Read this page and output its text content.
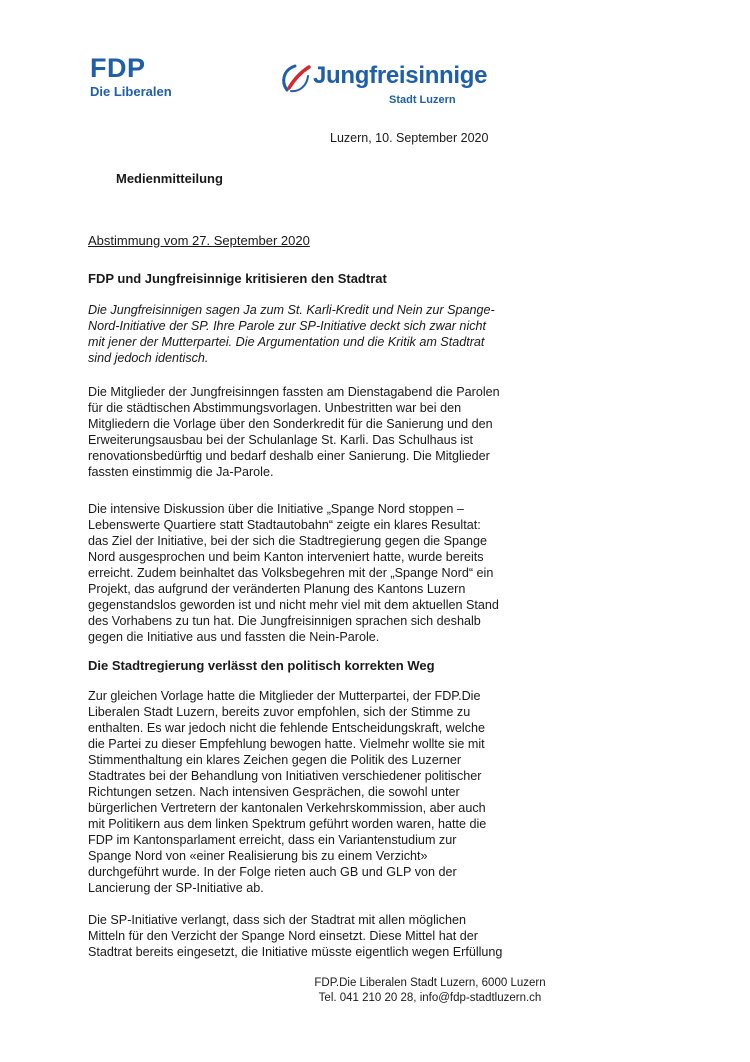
FDP
Die Liberalen
Jungfreisinnige
Stadt Luzern
Luzern, 10. September 2020
Medienmitteilung
Abstimmung vom 27. September 2020
FDP und Jungfreisinnige kritisieren den Stadtrat

Die Jungfreisinnigen sagen Ja zum St. Karli-Kredit und Nein zur Spange-

Nord-Initiative der SP. Ihre Parole zur SP-Initiative deckt sich zwar nicht

mit jener der Mutterpartei. Die Argumentation und die Kritik am Stadtrat

sind jedoch identisch.

Die Mitglieder der Jungfreisinngen fassten am Dienstagabend die Parolen

für die städtischen Abstimmungsvorlagen. Unbestritten war bei den

Mitgliedern die Vorlage über den Sonderkredit für die Sanierung und den

Erweiterungsausbau bei der Schulanlage St. Karli. Das Schulhaus ist

renovationsbedürftig und bedarf deshalb einer Sanierung. Die Mitglieder

fassten einstimmig die Ja-Parole.

Die intensive Diskussion über die Initiative „Spange Nord stoppen –

Lebenswerte Quartiere statt Stadtautobahn“ zeigte ein klares Resultat:

das Ziel der Initiative, bei der sich die Stadtregierung gegen die Spange

Nord ausgesprochen und beim Kanton interveniert hatte, wurde bereits

erreicht. Zudem beinhaltet das Volksbegehren mit der „Spange Nord“ ein

Projekt, das aufgrund der veränderten Planung des Kantons Luzern

gegenstandslos geworden ist und nicht mehr viel mit dem aktuellen Stand

des Vorhabens zu tun hat. Die Jungfreisinnigen sprachen sich deshalb

gegen die Initiative aus und fassten die Nein-Parole.

Die Stadtregierung verlässt den politisch korrekten Weg

Zur gleichen Vorlage hatte die Mitglieder der Mutterpartei, der FDP.Die

Liberalen Stadt Luzern, bereits zuvor empfohlen, sich der Stimme zu

enthalten. Es war jedoch nicht die fehlende Entscheidungskraft, welche

die Partei zu dieser Empfehlung bewogen hatte. Vielmehr wollte sie mit

Stimmenthaltung ein klares Zeichen gegen die Politik des Luzerner

Stadtrates bei der Behandlung von Initiativen verschiedener politischer

Richtungen setzen. Nach intensiven Gesprächen, die sowohl unter

bürgerlichen Vertretern der kantonalen Verkehrskommission, aber auch

mit Politikern aus dem linken Spektrum geführt worden waren, hatte die

FDP im Kantonsparlament erreicht, dass ein Variantenstudium zur

Spange Nord von «einer Realisierung bis zu einem Verzicht»

durchgeführt wurde. In der Folge rieten auch GB und GLP von der

Lancierung der SP-Initiative ab.

Die SP-Initiative verlangt, dass sich der Stadtrat mit allen möglichen

Mitteln für den Verzicht der Spange Nord einsetzt. Diese Mittel hat der

Stadtrat bereits eingesetzt, die Initiative müsste eigentlich wegen Erfüllung

FDP.Die Liberalen Stadt Luzern, 6000 Luzern
Tel. 041 210 20 28, info@fdp-stadtluzern.ch
